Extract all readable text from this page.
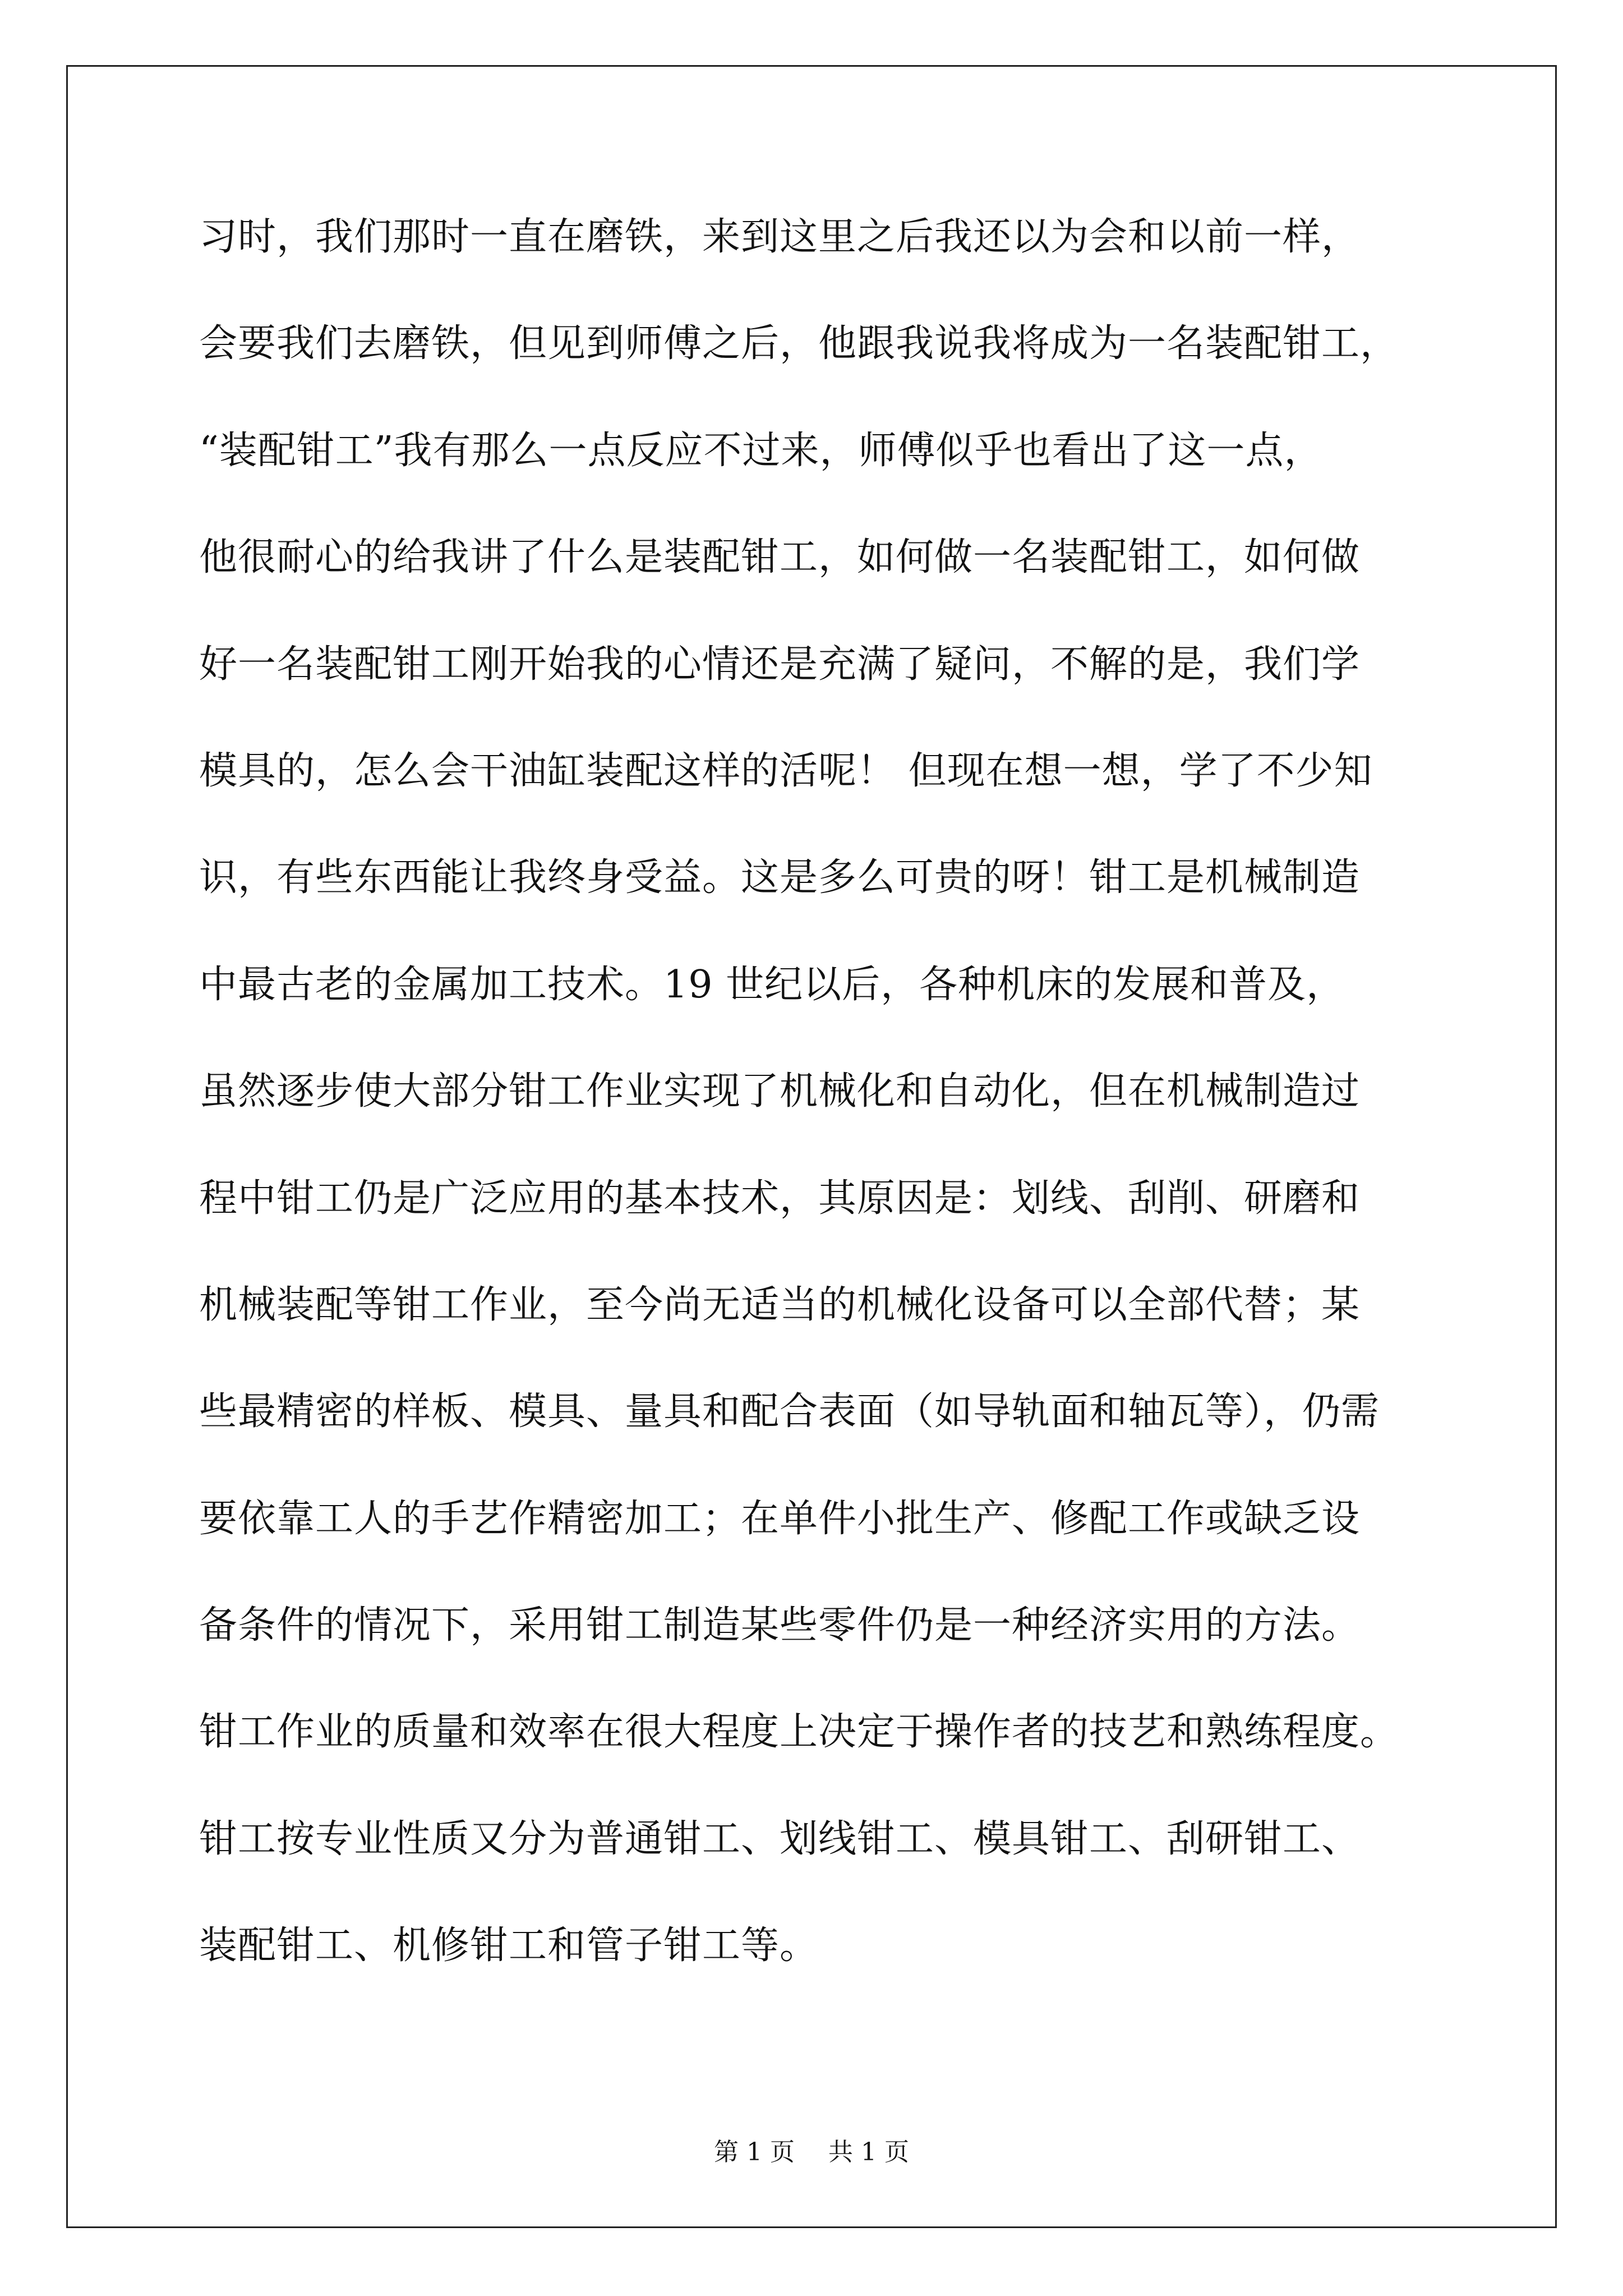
习时，我们那时一直在磨铁，来到这里之后我还以为会和以前一样，
会要我们去磨铁，但见到师傅之后，他跟我说我将成为一名装配钳工，
“装配钳工”我有那么一点反应不过来，师傅似乎也看出了这一点，
他很耐心的给我讲了什么是装配钳工，如何做一名装配钳工，如何做
好一名装配钳工刚开始我的心情还是充满了疑问，不解的是，我们学
模具的，怎么会干油缸装配这样的活呢！ 但现在想一想，学了不少知
识，有些东西能让我终身受益。这是多么可贵的呀！钳工是机械制造
中最古老的金属加工技术。19 世纪以后，各种机床的发展和普及，
虽然逐步使大部分钳工作业实现了机械化和自动化，但在机械制造过
程中钳工仍是广泛应用的基本技术，其原因是：划线、刮削、研磨和
机械装配等钳工作业，至今尚无适当的机械化设备可以全部代替；某
些最精密的样板、模具、量具和配合表面（如导轨面和轴瓦等），仍需
要依靠工人的手艺作精密加工；在单件小批生产、修配工作或缺乏设
备条件的情况下，采用钳工制造某些零件仍是一种经济实用的方法。
钳工作业的质量和效率在很大程度上决定于操作者的技艺和熟练程度。
钳工按专业性质又分为普通钳工、划线钳工、模具钳工、刮研钳工、
装配钳工、机修钳工和管子钳工等。
第 1 页 共 1 页
